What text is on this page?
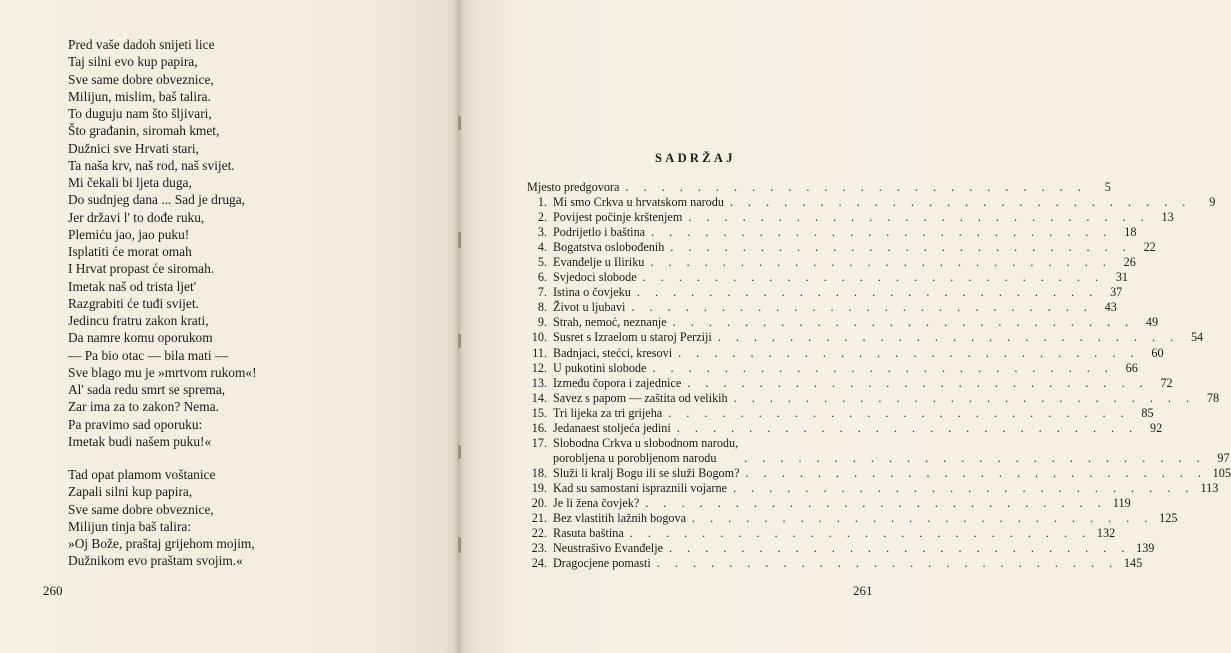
Pred vaše dadoh snijeti lice
Taj silni evo kup papira,
Sve same dobre obveznice,
Milijun, mislim, baš talira.
To duguju nam što šljivari,
Što građanin, siromah kmet,
Dužnici sve Hrvati stari,
Ta naša krv, naš rod, naš svijet.
Mi čekali bi ljeta duga,
Do sudnjeg dana ... Sad je druga,
Jer državi l' to dođe ruku,
Plemiću jao, jao puku!
Isplatiti će morat omah
I Hrvat propast će siromah.
Imetak naš od trista ljet'
Razgrabiti će tuđi svijet.
Jedincu fratru zakon krati,
Da namre komu oporukom
— Pa bio otac — bila mati —
Sve blago mu je »mrtvom rukom«!
Al' sada redu smrt se sprema,
Zar ima za to zakon? Nema.
Pa pravimo sad oporuku:
Imetak budi našem puku!«
Tad opat plamom voštanice
Zapali silni kup papira,
Sve same dobre obveznice,
Milijun tinja baš talira:
»Oj Bože, praštaj grijehom mojim,
Dužnikom evo praštam svojim.«
260
SADRŽAJ
Mjesto predgovora . . . . . . . . . . . . . . . . . . . . . . . . . .	5
1. Mi smo Crkva u hrvatskom narodu . . . . . . . . . . . . . . . . . . . . . . . . . .	9
2. Povijest počinje krštenjem . . . . . . . . . . . . . . . . . . . . . . . . . . 13
3. Podrijetlo i baština . . . . . . . . . . . . . . . . . . . . . . . . . . 18
4. Bogatstva oslobođenih . . . . . . . . . . . . . . . . . . . . . . . . . . 22
5. Evanđelje u Iliriku . . . . . . . . . . . . . . . . . . . . . . . . . . 26
6. Svjedoci slobode . . . . . . . . . . . . . . . . . . . . . . . . . . 31
7. Istina o čovjeku . . . . . . . . . . . . . . . . . . . . . . . . . . 37
8. Život u ljubavi . . . . . . . . . . . . . . . . . . . . . . . . . . 43
9. Strah, nemoć, neznanje . . . . . . . . . . . . . . . . . . . . . . . . . . 49
10. Susret s Izraelom u staroj Perziji . . . . . . . . . . . . . . . . . . . . . . . . . . 54
11. Badnjaci, stećci, kresovi . . . . . . . . . . . . . . . . . . . . . . . . . . 60
12. U pukotini slobode . . . . . . . . . . . . . . . . . . . . . . . . . . 66
13. Između čopora i zajednice . . . . . . . . . . . . . . . . . . . . . . . . . . 72
14. Savez s papom — zaštita od velikih . . . . . . . . . . . . . . . . . . . . . . . . . . 78
15. Tri lijeka za tri grijeha . . . . . . . . . . . . . . . . . . . . . . . . . . 85
16. Jedanaest stoljeća jedini . . . . . . . . . . . . . . . . . . . . . . . . . . 92
17. Slobodna Crkva u slobodnom narodu,
porobljena u porobljenom narodu	. . . . . . . . . . . . . . . . . . . . . . . . . . 97
18. Služi li kralj Bogu ili se služi Bogom? . . . . . . . . . . . . . . . . . . . . . . . . . . 105
19. Kad su samostani ispraznili vojarne . . . . . . . . . . . . . . . . . . . . . . . . . . 113
20. Je li žena čovjek? . . . . . . . . . . . . . . . . . . . . . . . . . . 119
21. Bez vlastitih lažnih bogova . . . . . . . . . . . . . . . . . . . . . . . . . . 125
22. Rasuta baština . . . . . . . . . . . . . . . . . . . . . . . . . . 132
23. Neustrašivo Evanđelje . . . . . . . . . . . . . . . . . . . . . . . . . . 139
24. Dragocjene pomasti . . . . . . . . . . . . . . . . . . . . . . . . . . 145
261
